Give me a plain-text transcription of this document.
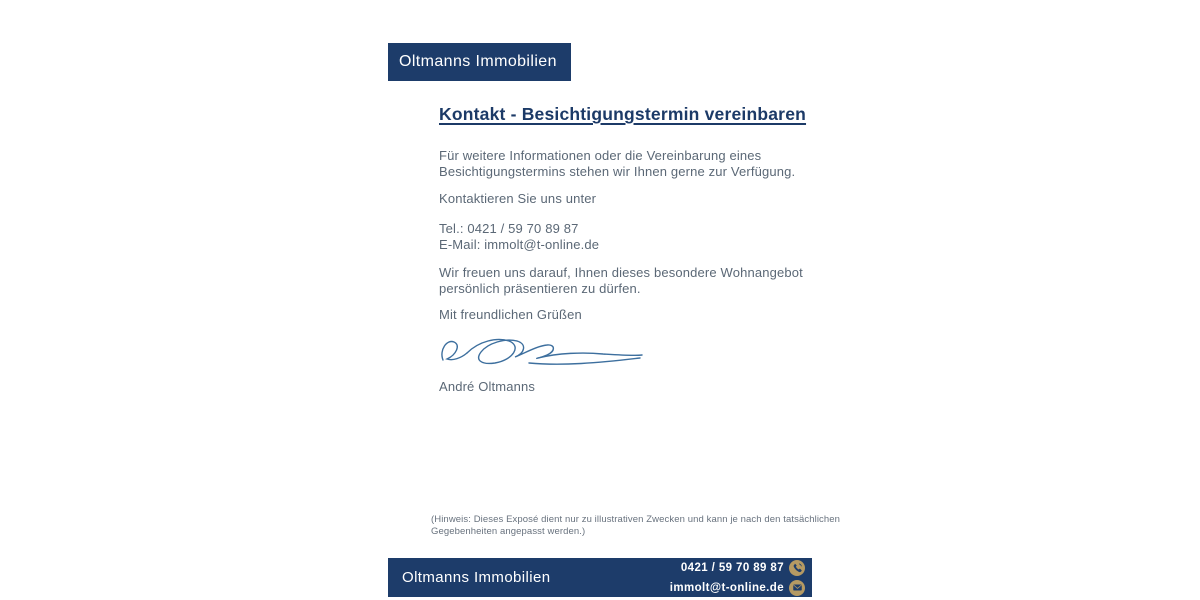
Oltmanns Immobilien
Kontakt - Besichtigungstermin vereinbaren
Für weitere Informationen oder die Vereinbarung eines
Besichtigungstermins stehen wir Ihnen gerne zur Verfügung.
Kontaktieren Sie uns unter
Tel.: 0421 / 59 70 89 87
E-Mail: immolt@t-online.de
Wir freuen uns darauf, Ihnen dieses besondere Wohnangebot
persönlich präsentieren zu dürfen.
Mit freundlichen Grüßen
André Oltmanns
(Hinweis: Dieses Exposé dient nur zu illustrativen Zwecken und kann je nach den tatsächlichen
Gegebenheiten angepasst werden.)
Oltmanns Immobilien
0421 / 59 70 89 87
immolt@t-online.de
